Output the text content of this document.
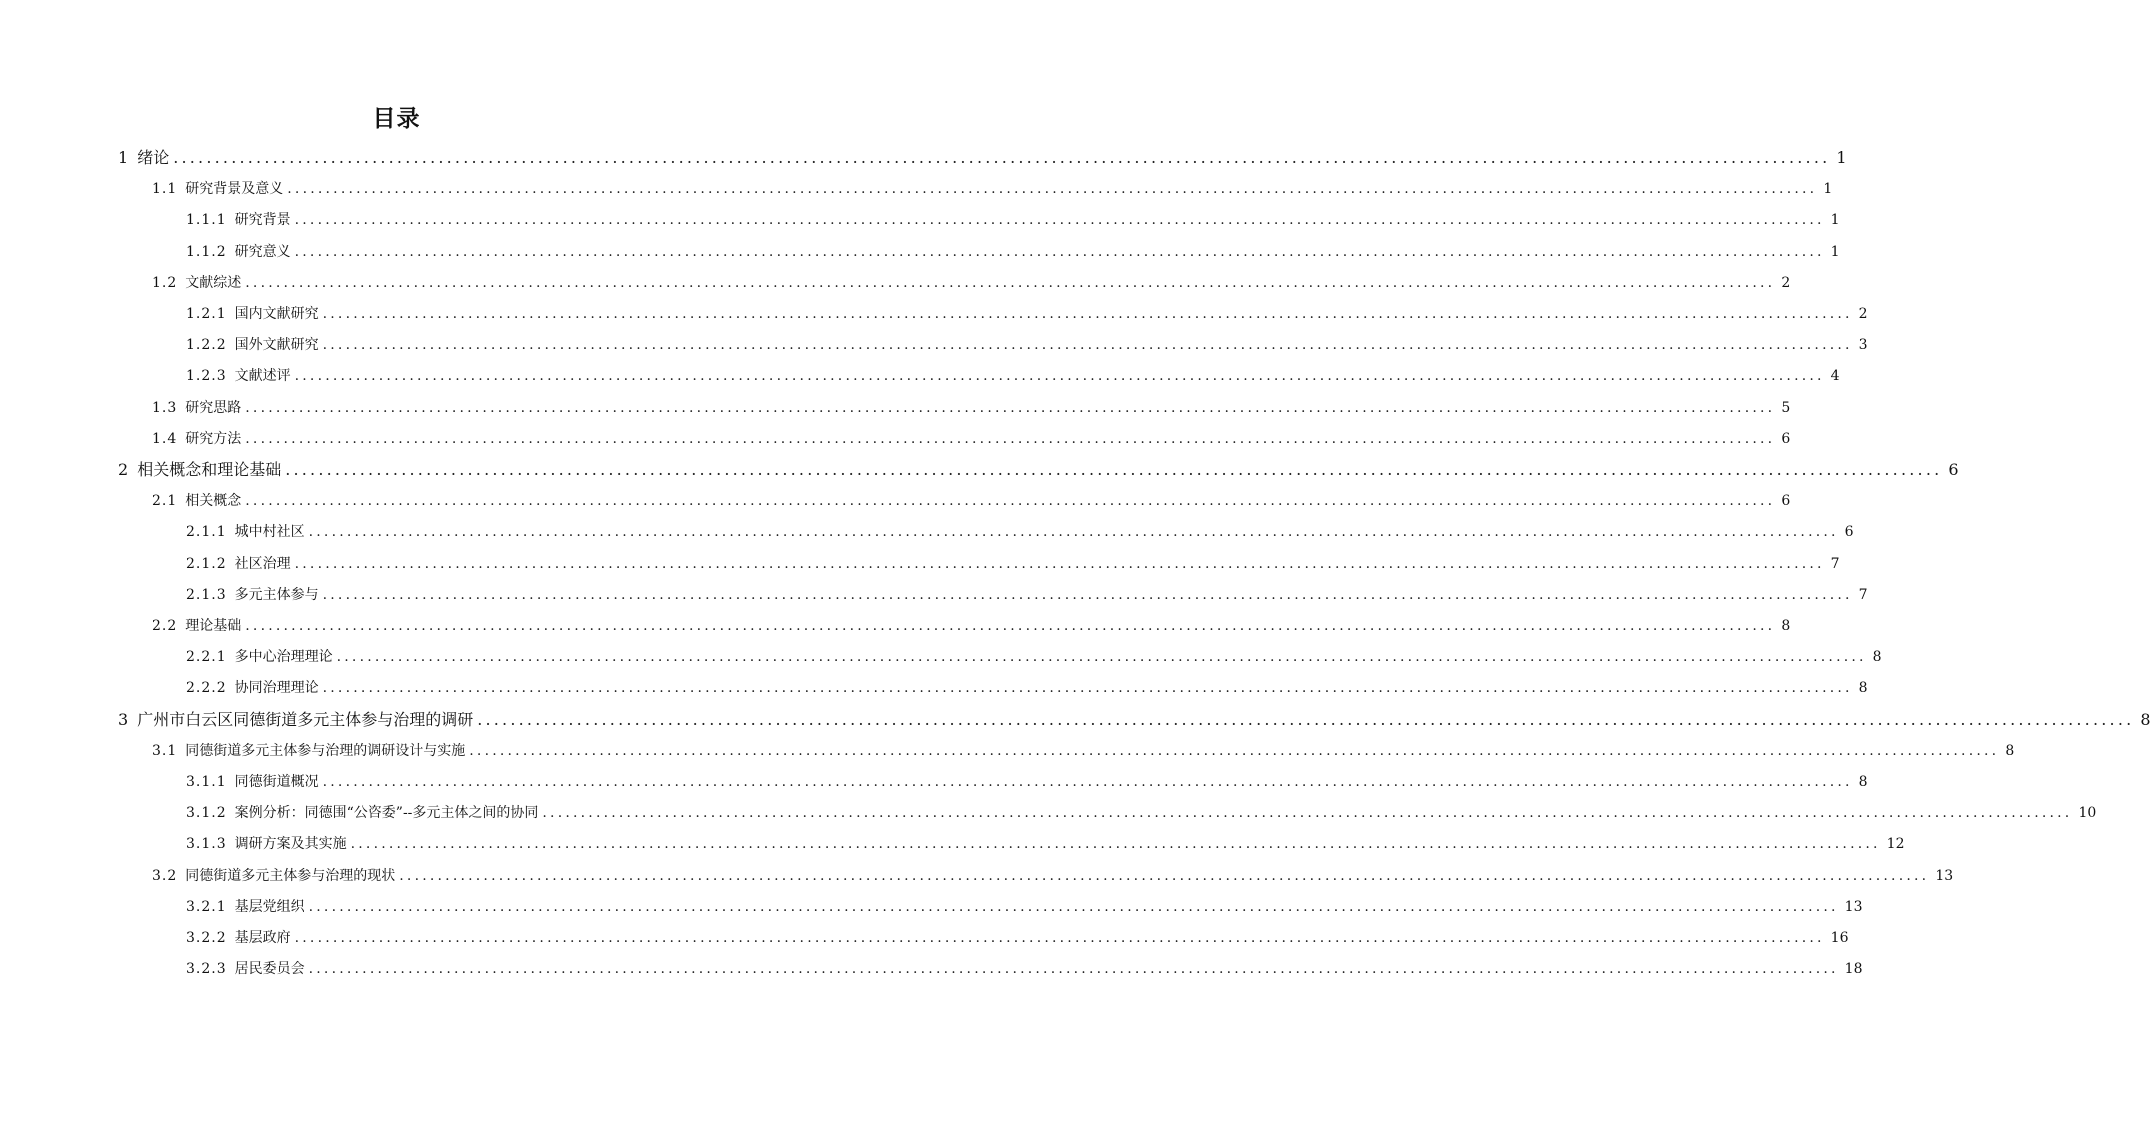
目录
1 绪论 ........................................................................................................................................................................................................ 1
1.1 研究背景及意义 ........................................................................................................................................................................................................ 1
1.1.1 研究背景 ........................................................................................................................................................................................................ 1
1.1.2 研究意义 ........................................................................................................................................................................................................ 1
1.2 文献综述 ........................................................................................................................................................................................................ 2
1.2.1 国内文献研究 ........................................................................................................................................................................................................ 2
1.2.2 国外文献研究 ........................................................................................................................................................................................................ 3
1.2.3 文献述评 ........................................................................................................................................................................................................ 4
1.3 研究思路 ........................................................................................................................................................................................................ 5
1.4 研究方法 ........................................................................................................................................................................................................ 6
2 相关概念和理论基础 ........................................................................................................................................................................................................ 6
2.1 相关概念 ........................................................................................................................................................................................................ 6
2.1.1 城中村社区 ........................................................................................................................................................................................................ 6
2.1.2 社区治理 ........................................................................................................................................................................................................ 7
2.1.3 多元主体参与 ........................................................................................................................................................................................................ 7
2.2 理论基础 ........................................................................................................................................................................................................ 8
2.2.1 多中心治理理论 ........................................................................................................................................................................................................ 8
2.2.2 协同治理理论 ........................................................................................................................................................................................................ 8
3 广州市白云区同德街道多元主体参与治理的调研 ........................................................................................................................................................................................................ 8
3.1 同德街道多元主体参与治理的调研设计与实施 ........................................................................................................................................................................................................ 8
3.1.1 同德街道概况 ........................................................................................................................................................................................................ 8
3.1.2 案例分析：同德围“公咨委”--多元主体之间的协同 ........................................................................................................................................................................................................ 10
3.1.3 调研方案及其实施 ........................................................................................................................................................................................................ 12
3.2 同德街道多元主体参与治理的现状 ........................................................................................................................................................................................................ 13
3.2.1 基层党组织 ........................................................................................................................................................................................................ 13
3.2.2 基层政府 ........................................................................................................................................................................................................ 16
3.2.3 居民委员会 ........................................................................................................................................................................................................ 18
